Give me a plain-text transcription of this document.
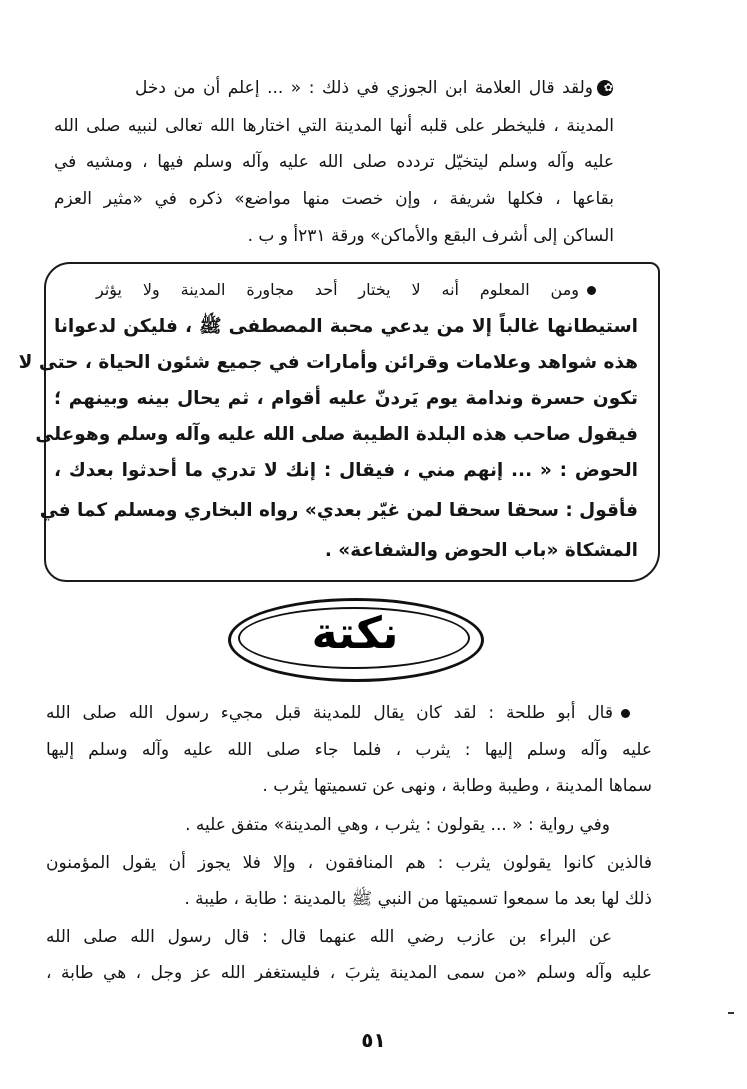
✿ولقد قال العلامة ابن الجوزي في ذلك : « ... إعلم أن من دخل
المدينة ، فليخطر على قلبه أنها المدينة التي اختارها الله تعالى لنبيه صلى الله
عليه وآله وسلم ليتخيّل تردده صلى الله عليه وآله وسلم فيها ، ومشيه في
بقاعها ، فكلها شريفة ، وإن خصت منها مواضع» ذكره في «مثير العزم
الساكن إلى أشرف البقع والأماكن» ورقة ٢٣١أ و ب .
ومن المعلوم أنه لا يختار أحد مجاورة المدينة ولا يؤثر
استيطانها غالباً إلا من يدعي محبة المصطفى ﷺ ، فليكن لدعوانا
هذه شواهد وعلامات وقرائن وأمارات في جميع شئون الحياة ، حتى لا
تكون حسرة وندامة يوم يَردنّ عليه أقوام ، ثم يحال بينه وبينهم ؛
فيقول صاحب هذه البلدة الطيبة صلى الله عليه وآله وسلم وهوعلى
الحوض : « ... إنهم مني ، فيقال : إنك لا تدري ما أحدثوا بعدك ،
فأقول : سحقا سحقا لمن غيّر بعدي» رواه البخاري ومسلم كما في
المشكاة «باب الحوض والشفاعة» .
نكتة
قال أبو طلحة : لقد كان يقال للمدينة قبل مجيء رسول الله صلى الله
عليه وآله وسلم إليها : يثرب ، فلما جاء صلى الله عليه وآله وسلم إليها
سماها المدينة ، وطيبة وطابة ، ونهى عن تسميتها يثرب .
وفي رواية : « ... يقولون : يثرب ، وهي المدينة» متفق عليه .
فالذين كانوا يقولون يثرب : هم المنافقون ، وإلا فلا يجوز أن يقول المؤمنون
ذلك لها بعد ما سمعوا تسميتها من النبي ﷺ بالمدينة : طابة ، طيبة .
عن البراء بن عازب رضي الله عنهما قال : قال رسول الله صلى الله
عليه وآله وسلم «من سمى المدينة يثربَ ، فليستغفر الله عز وجل ، هي طابة ،
٥١
